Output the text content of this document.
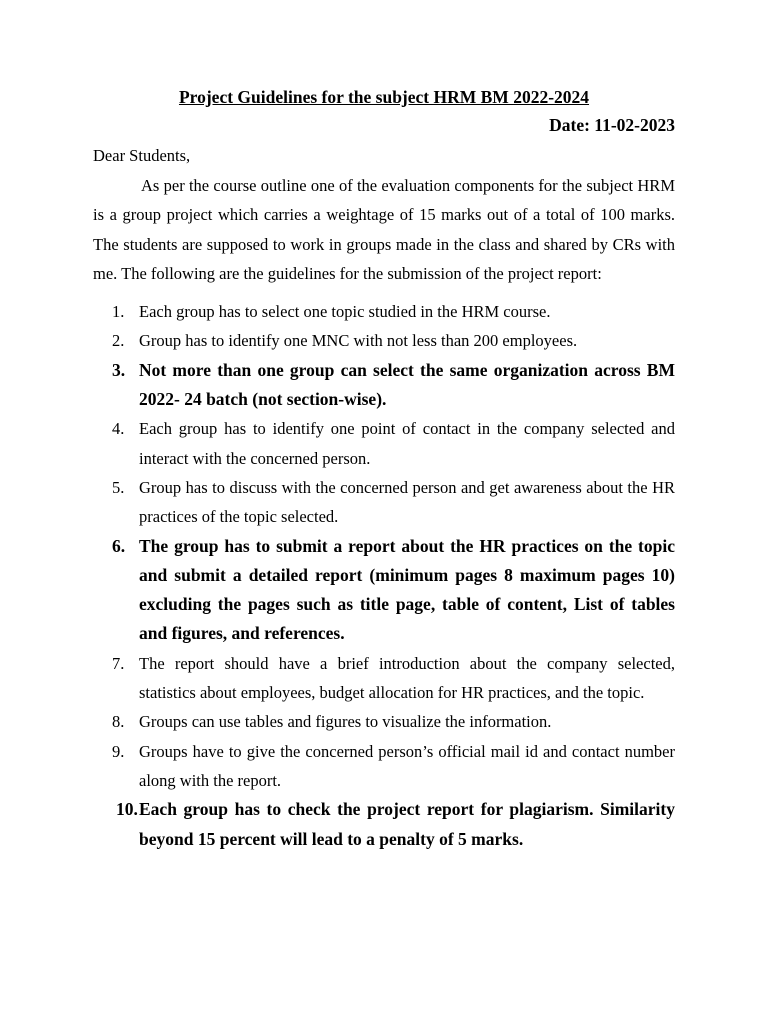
Project Guidelines for the subject HRM BM 2022-2024

Date: 11-02-2023

Dear Students,

As per the course outline one of the evaluation components for the subject HRM is a group project which carries a weightage of 15 marks out of a total of 100 marks. The students are supposed to work in groups made in the class and shared by CRs with me. The following are the guidelines for the submission of the project report:

1. Each group has to select one topic studied in the HRM course.
2. Group has to identify one MNC with not less than 200 employees.
3. Not more than one group can select the same organization across BM 2022- 24 batch (not section-wise).
4. Each group has to identify one point of contact in the company selected and interact with the concerned person.
5. Group has to discuss with the concerned person and get awareness about the HR practices of the topic selected.
6. The group has to submit a report about the HR practices on the topic and submit a detailed report (minimum pages 8 maximum pages 10) excluding the pages such as title page, table of content, List of tables and figures, and references.
7. The report should have a brief introduction about the company selected, statistics about employees, budget allocation for HR practices, and the topic.
8. Groups can use tables and figures to visualize the information.
9. Groups have to give the concerned person’s official mail id and contact number along with the report.
10. Each group has to check the project report for plagiarism. Similarity beyond 15 percent will lead to a penalty of 5 marks.
